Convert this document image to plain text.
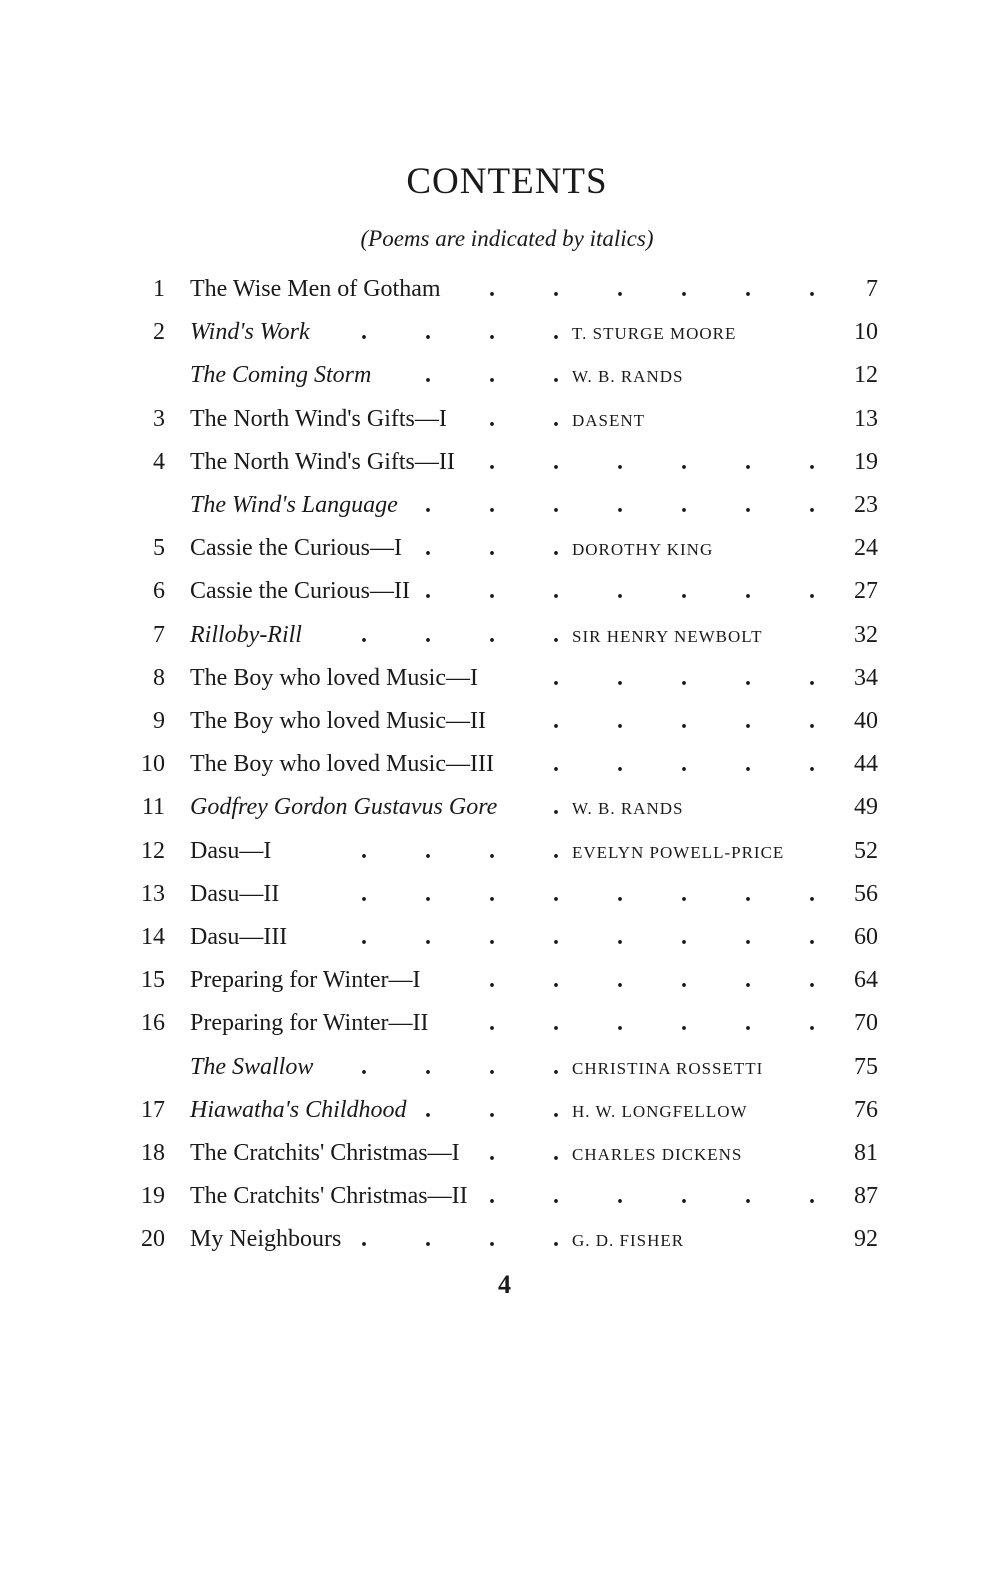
CONTENTS
(Poems are indicated by italics)
1 The Wise Men of Gotham	7
. . . . . .
2 Wind's Work	T. STURGE MOORE	10
. . . .
The Coming Storm	W. B. RANDS	12
. . .
3 The North Wind's Gifts—I	DASENT	13
. .
4 The North Wind's Gifts—II	19
. . . . . .
The Wind's Language	23
. . . . . . .
5 Cassie the Curious—I	DOROTHY KING	24
. . .
6 Cassie the Curious—II	27
. . . . . . .
7 Rilloby-Rill	SIR HENRY NEWBOLT	32
. . . .
8 The Boy who loved Music—I	34
. . . . .
9 The Boy who loved Music—II	40
. . . . .
10 The Boy who loved Music—III	44
. . . . .
11 Godfrey Gordon Gustavus Gore	W. B. RANDS	49
.
12 Dasu—I	EVELYN POWELL-PRICE	52
. . . .
13 Dasu—II	56
. . . . . . . .
14 Dasu—III	60
. . . . . . . .
15 Preparing for Winter—I	64
. . . . . .
16 Preparing for Winter—II	70
. . . . . .
The Swallow	CHRISTINA ROSSETTI	75
. . . .
17 Hiawatha's Childhood	H. W. LONGFELLOW	76
. . .
18 The Cratchits' Christmas—I	CHARLES DICKENS	81
. .
19 The Cratchits' Christmas—II	87
. . . . . .
20 My Neighbours	G. D. FISHER	92
. . . .
4
